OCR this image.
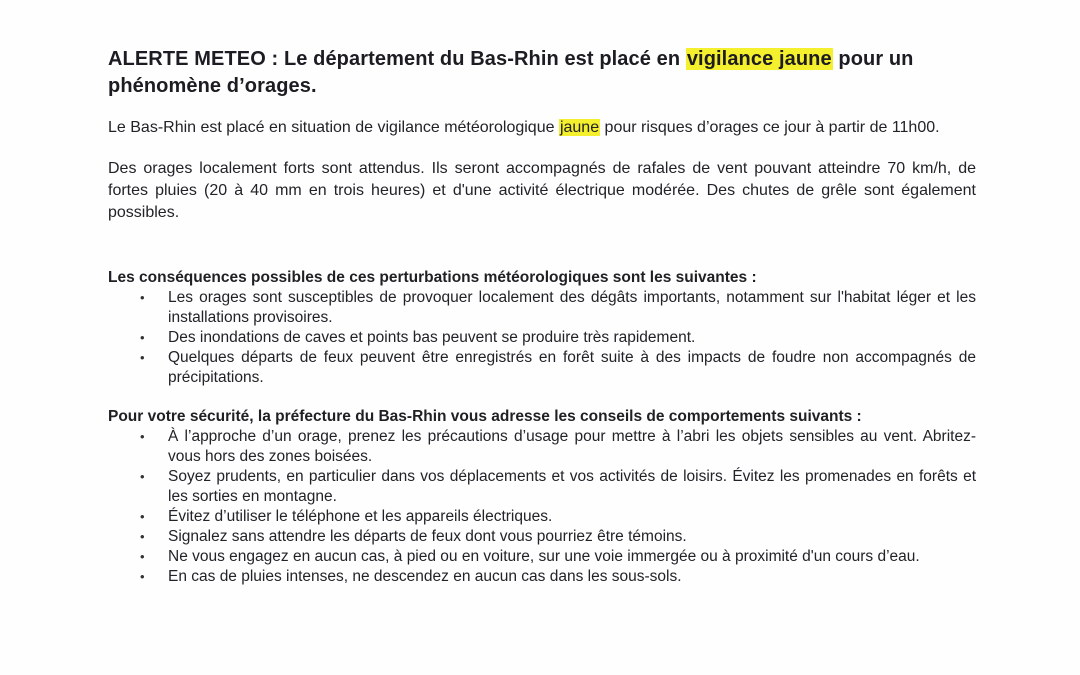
ALERTE METEO : Le département du Bas-Rhin est placé en vigilance jaune pour un phénomène d’orages.

Le Bas-Rhin est placé en situation de vigilance météorologique jaune pour risques d’orages ce jour à partir de 11h00.

Des orages localement forts sont attendus. Ils seront accompagnés de rafales de vent pouvant atteindre 70 km/h, de fortes pluies (20 à 40 mm en trois heures) et d'une activité électrique modérée. Des chutes de grêle sont également possibles.

Les conséquences possibles de ces perturbations météorologiques sont les suivantes :
• Les orages sont susceptibles de provoquer localement des dégâts importants, notamment sur l'habitat léger et les installations provisoires.
• Des inondations de caves et points bas peuvent se produire très rapidement.
• Quelques départs de feux peuvent être enregistrés en forêt suite à des impacts de foudre non accompagnés de précipitations.
Pour votre sécurité, la préfecture du Bas-Rhin vous adresse les conseils de comportements suivants :
• À l’approche d’un orage, prenez les précautions d’usage pour mettre à l’abri les objets sensibles au vent. Abritez-vous hors des zones boisées.
• Soyez prudents, en particulier dans vos déplacements et vos activités de loisirs. Évitez les promenades en forêts et les sorties en montagne.
• Évitez d’utiliser le téléphone et les appareils électriques.
• Signalez sans attendre les départs de feux dont vous pourriez être témoins.
• Ne vous engagez en aucun cas, à pied ou en voiture, sur une voie immergée ou à proximité d'un cours d’eau.
• En cas de pluies intenses, ne descendez en aucun cas dans les sous-sols.
